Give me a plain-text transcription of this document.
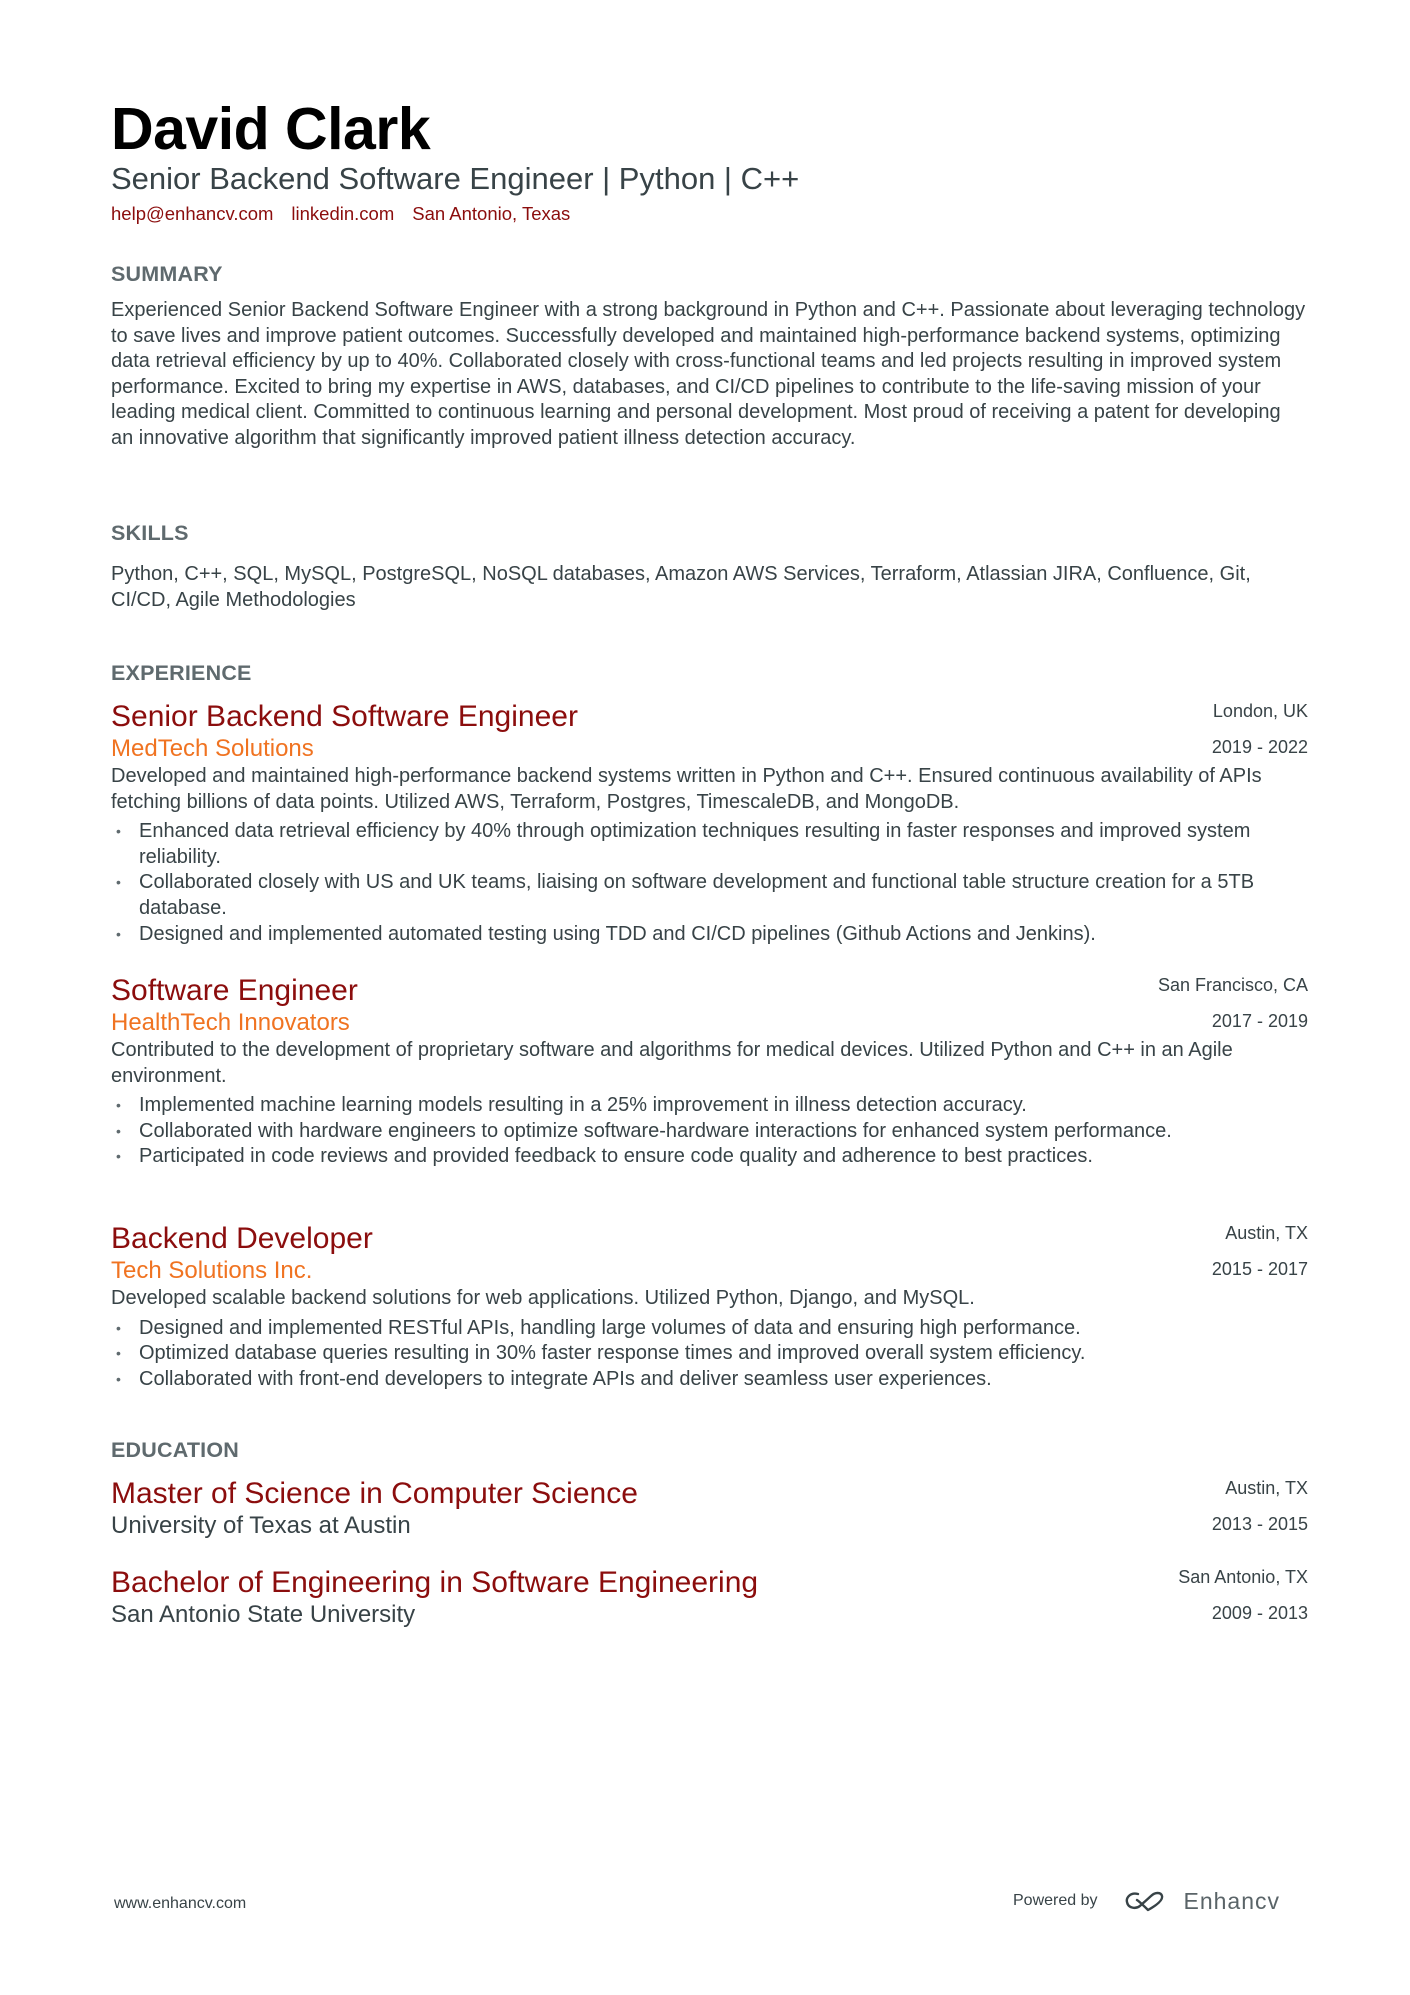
David Clark
Senior Backend Software Engineer | Python | C++
help@enhancv.com linkedin.com San Antonio, Texas
SUMMARY
Experienced Senior Backend Software Engineer with a strong background in Python and C++. Passionate about leveraging technology to save lives and improve patient outcomes. Successfully developed and maintained high-performance backend systems, optimizing data retrieval efficiency by up to 40%. Collaborated closely with cross-functional teams and led projects resulting in improved system performance. Excited to bring my expertise in AWS, databases, and CI/CD pipelines to contribute to the life-saving mission of your leading medical client. Committed to continuous learning and personal development. Most proud of receiving a patent for developing an innovative algorithm that significantly improved patient illness detection accuracy.
SKILLS
Python, C++, SQL, MySQL, PostgreSQL, NoSQL databases, Amazon AWS Services, Terraform, Atlassian JIRA, Confluence, Git, CI/CD, Agile Methodologies
EXPERIENCE
Senior Backend Software Engineer
MedTech Solutions
London, UK
2019 - 2022
Developed and maintained high-performance backend systems written in Python and C++. Ensured continuous availability of APIs fetching billions of data points. Utilized AWS, Terraform, Postgres, TimescaleDB, and MongoDB.
• Enhanced data retrieval efficiency by 40% through optimization techniques resulting in faster responses and improved system reliability.
• Collaborated closely with US and UK teams, liaising on software development and functional table structure creation for a 5TB database.
• Designed and implemented automated testing using TDD and CI/CD pipelines (Github Actions and Jenkins).
Software Engineer
HealthTech Innovators
San Francisco, CA
2017 - 2019
Contributed to the development of proprietary software and algorithms for medical devices. Utilized Python and C++ in an Agile environment.
• Implemented machine learning models resulting in a 25% improvement in illness detection accuracy.
• Collaborated with hardware engineers to optimize software-hardware interactions for enhanced system performance.
• Participated in code reviews and provided feedback to ensure code quality and adherence to best practices.
Backend Developer
Tech Solutions Inc.
Austin, TX
2015 - 2017
Developed scalable backend solutions for web applications. Utilized Python, Django, and MySQL.
• Designed and implemented RESTful APIs, handling large volumes of data and ensuring high performance.
• Optimized database queries resulting in 30% faster response times and improved overall system efficiency.
• Collaborated with front-end developers to integrate APIs and deliver seamless user experiences.
EDUCATION
Master of Science in Computer Science
University of Texas at Austin
Austin, TX
2013 - 2015
Bachelor of Engineering in Software Engineering
San Antonio State University
San Antonio, TX
2009 - 2013
www.enhancv.com	Powered by	Enhancv
